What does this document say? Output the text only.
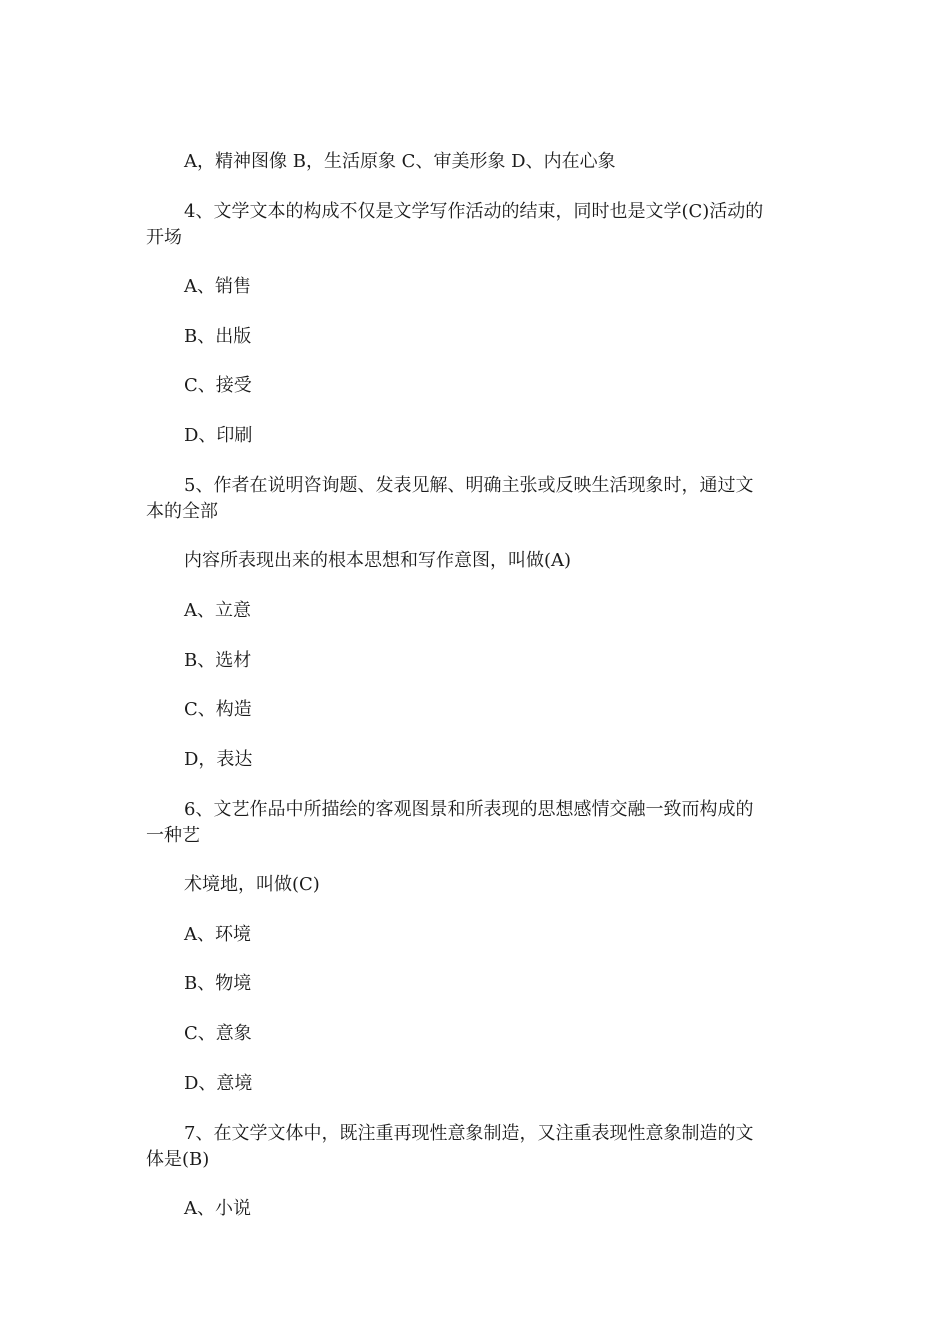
A，精神图像 B，生活原象 C、审美形象 D、内在心象

4、文学文本的构成不仅是文学写作活动的结束，同时也是文学(C)活动的

开场

A、销售

B、出版

C、接受

D、印刷

5、作者在说明咨询题、发表见解、明确主张或反映生活现象时，通过文

本的全部

内容所表现出来的根本思想和写作意图，叫做(A)

A、立意

B、选材

C、构造

D，表达

6、文艺作品中所描绘的客观图景和所表现的思想感情交融一致而构成的

一种艺

术境地，叫做(C)

A、环境

B、物境

C、意象

D、意境

7、在文学文体中，既注重再现性意象制造，又注重表现性意象制造的文

体是(B)

A、小说
